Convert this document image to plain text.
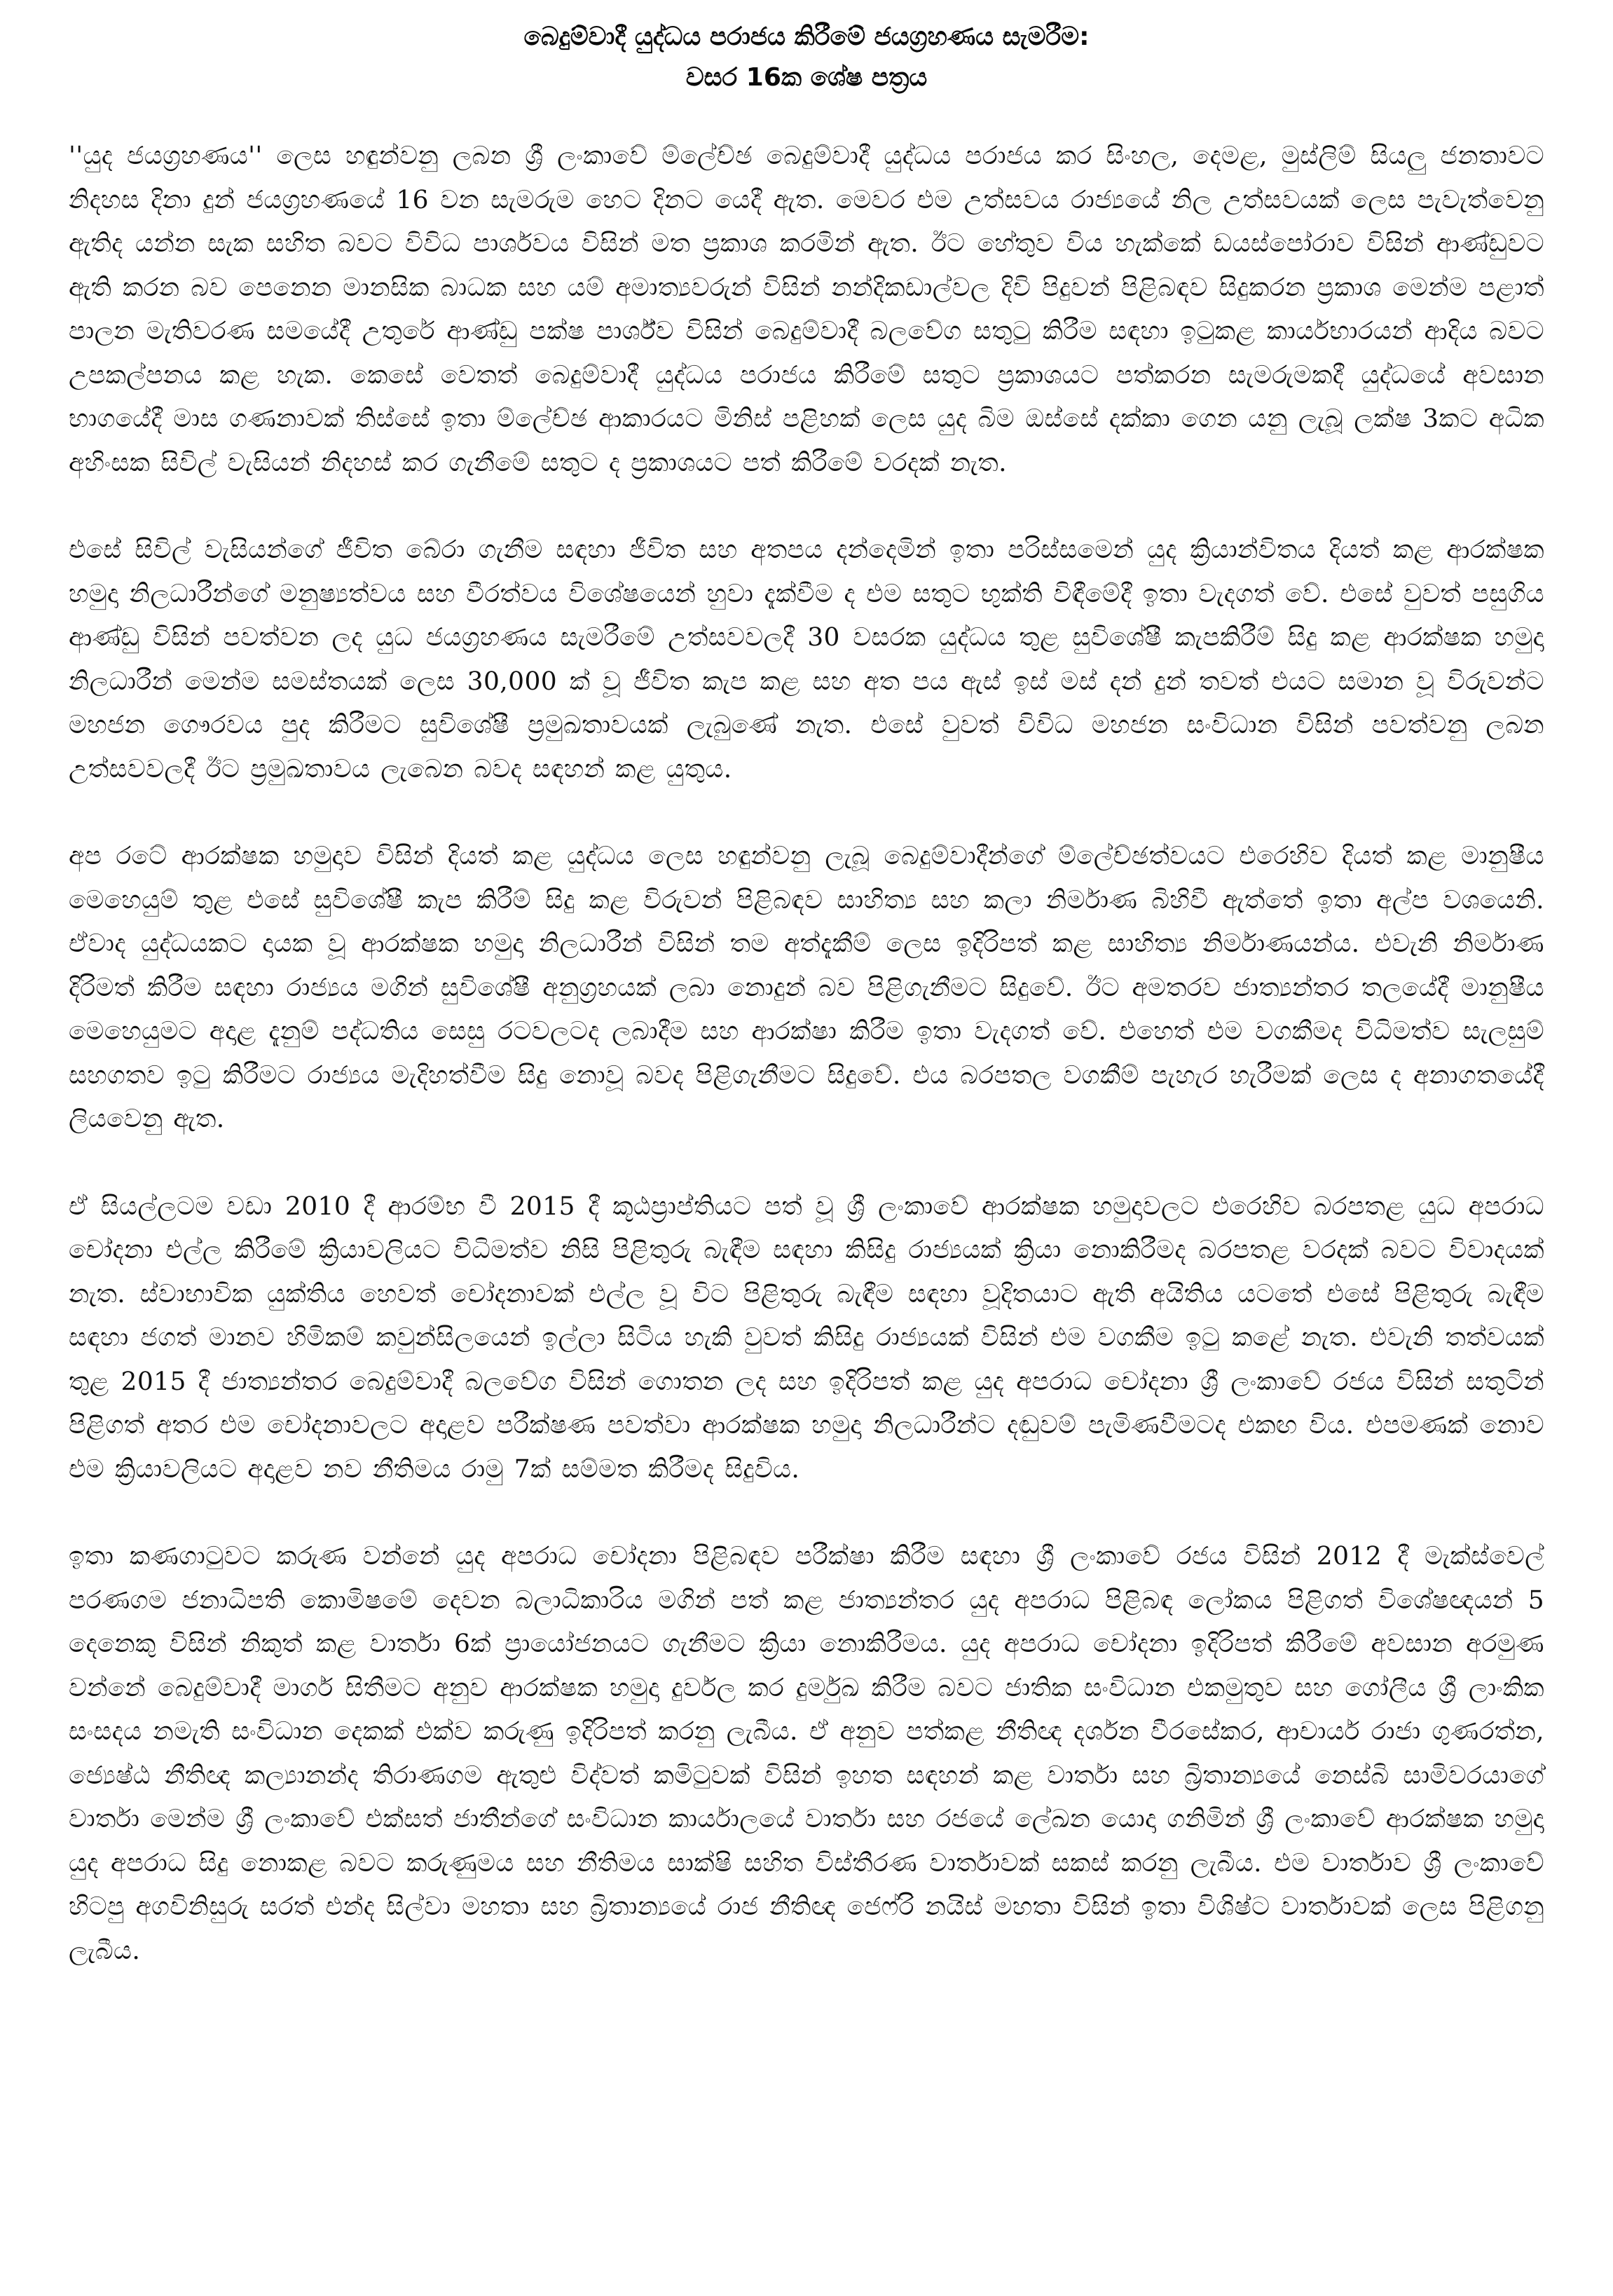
බෙදුම්වාදී යුද්ධය පරාජය කිරීමේ ජයග්‍රහණය සැමරීම:
වසර 16ක ශේෂ පත්‍රය

''යුද ජයග්‍රහණය'' ලෙස හඳුන්වනු ලබන ශ්‍රී ලංකාවේ ම්ලේච්ඡ බෙදුම්වාදී යුද්ධය පරාජය කර සිංහල, දෙමළ, මුස්ලිම් සියලු ජනතාවට නිදහස දිනා දුන් ජයග්‍රහණයේ 16 වන සැමරුම හෙට දිනට යෙදී ඇත. මෙවර එම උත්සවය රාජ්‍යයේ නිල උත්සවයක් ලෙස පැවැත්වෙනු ඇතිද යන්න සැක සහිත බවට විවිධ පාර්ශවය විසින් මත ප්‍රකාශ කරමින් ඇත. ඊට හේතුව විය හැක්කේ ඩයස්පෝරාව විසින් ආණ්ඩුවට ඇති කරන බව පෙනෙන මානසික බාධක සහ යම් අමාත්‍යවරුන් විසින් නන්දිකඩාල්වල දිවි පිදුවන් පිළිබඳව සිදුකරන ප්‍රකාශ මෙන්ම පළාත් පාලන මැතිවරණ සමයේදී උතුරේ ආණ්ඩු පක්ෂ පාර්ශ්ව විසින් බෙදුම්වාදී බලවේග සතුටු කිරීම සඳහා ඉටුකළ කාර්යභාරයන් ආදිය බවට උපකල්පනය කළ හැක. කෙසේ වෙතත් බෙදුම්වාදී යුද්ධය පරාජය කිරීමේ සතුට ප්‍රකාශයට පත්කරන සැමරුමකදී යුද්ධයේ අවසාන භාගයේදී මාස ගණනාවක් තිස්සේ ඉතා ම්ලේච්ඡ ආකාරයට මිනිස් පළිහක් ලෙස යුද බිම ඔස්සේ දක්කා ගෙන යනු ලැබූ ලක්ෂ 3කට අධික අහිංසක සිවිල් වැසියන් නිදහස් කර ගැනීමේ සතුට ද ප්‍රකාශයට පත් කිරීමේ වරදක් නැත.

එසේ සිවිල් වැසියන්ගේ ජීවිත බේරා ගැනීම සඳහා ජීවිත සහ අතපය දන්දෙමින් ඉතා පරිස්සමෙන් යුද ක්‍රියාන්විතය දියත් කළ ආරක්ෂක හමුදා නිලධාරීන්ගේ මනුෂ්‍යත්වය සහ වීරත්වය විශේෂයෙන් හුවා දැක්වීම ද එම සතුට භුක්ති විඳීමේදී ඉතා වැදගත් වේ. එසේ වුවත් පසුගිය ආණ්ඩු විසින් පවත්වන ලද යුධ ජයග්‍රහණය සැමරීමේ උත්සවවලදී 30 වසරක යුද්ධය තුළ සුවිශේෂී කැපකිරීම් සිදු කළ ආරක්ෂක හමුදා නිලධාරීන් මෙන්ම සමස්තයක් ලෙස 30,000 ක් වූ ජීවිත කැප කළ සහ අත පය ඇස් ඉස් මස් දන් දුන් තවත් එයට සමාන වූ විරුවන්ට මහජන ගෞරවය පුද කිරීමට සුවිශේෂී ප්‍රමුඛතාවයක් ලැබුණේ නැත. එසේ වුවත් විවිධ මහජන සංවිධාන විසින් පවත්වනු ලබන උත්සවවලදී ඊට ප්‍රමුඛතාවය ලැබෙන බවද සඳහන් කළ යුතුය.

අප රටේ ආරක්ෂක හමුදාව විසින් දියත් කළ යුද්ධය ලෙස හඳුන්වනු ලැබූ බෙදුම්වාදීන්ගේ ම්ලේච්ඡත්වයට එරෙහිව දියත් කළ මානුෂීය මෙහෙයුම් තුළ එසේ සුවිශේෂී කැප කිරීම් සිදු කළ විරුවන් පිළිබඳව සාහිත්‍ය සහ කලා නිර්මාණ බිහිවී ඇත්තේ ඉතා අල්ප වශයෙනි. ඒවාද යුද්ධයකට දායක වූ ආරක්ෂක හමුදා නිලධාරීන් විසින් තම අත්දැකීම් ලෙස ඉදිරිපත් කළ සාහිත්‍ය නිර්මාණයන්ය. එවැනි නිර්මාණ දිරිමත් කිරීම සඳහා රාජ්‍යය මගින් සුවිශේෂී අනුග්‍රහයක් ලබා නොදුන් බව පිළිගැනීමට සිදුවේ. ඊට අමතරව ජාත්‍යන්තර තලයේදී මානුෂීය මෙහෙයුමට අදාළ දැනුම් පද්ධතිය සෙසු රටවලටද ලබාදීම සහ ආරක්ෂා කිරීම ඉතා වැදගත් වේ. එහෙත් එම වගකීමද විධිමත්ව සැලසුම් සහගතව ඉටු කිරීමට රාජ්‍යය මැදිහත්වීම සිදු නොවූ බවද පිළිගැනීමට සිදුවේ. එය බරපතල වගකීම් පැහැර හැරීමක් ලෙස ද අනාගතයේදී ලියවෙනු ඇත.

ඒ සියල්ලටම වඩා 2010 දී ආරම්භ වී 2015 දී කූඨප්‍රාප්තියට පත් වූ ශ්‍රී ලංකාවේ ආරක්ෂක හමුදාවලට එරෙහිව බරපතළ යුධ අපරාධ චෝදනා එල්ල කිරීමේ ක්‍රියාවලියට විධිමත්ව නිසි පිළිතුරු බැඳීම සඳහා කිසිදු රාජ්‍යයක් ක්‍රියා නොකිරීමද බරපතළ වරදක් බවට විවාදයක් නැත. ස්වාභාවික යුක්තිය හෙවත් චෝදනාවක් එල්ල වූ විට පිළිතුරු බැඳීම සඳහා වූදිතයාට ඇති අයිතිය යටතේ එසේ පිළිතුරු බැඳීම සඳහා ජගත් මානව හිමිකම් කවුන්සිලයෙන් ඉල්ලා සිටිය හැකි වුවත් කිසිදු රාජ්‍යයක් විසින් එම වගකීම ඉටු කළේ නැත. එවැනි තත්වයක් තුළ 2015 දී ජාත්‍යන්තර බෙදුම්වාදී බලවේග විසින් ගොතන ලද සහ ඉදිරිපත් කළ යුද අපරාධ චෝදනා ශ්‍රී ලංකාවේ රජය විසින් සතුටින් පිළිගත් අතර එම චෝදනාවලට අදාළව පරීක්ෂණ පවත්වා ආරක්ෂක හමුදා නිලධාරීන්ට දඬුවම් පැමිණවීමටද එකඟ විය. එපමණක් නොව එම ක්‍රියාවලියට අදාළව නව නීතිමය රාමු 7ක් සම්මත කිරීමද සිදුවිය.

ඉතා කණගාටුවට කරුණ වන්නේ යුද අපරාධ චෝදනා පිළිබඳව පරීක්ෂා කිරීම සඳහා ශ්‍රී ලංකාවේ රජය විසින් 2012 දී මැක්ස්වෙල් පරණගම ජනාධිපති කොමිෂමේ දෙවන බලාධිකාරිය මගින් පත් කළ ජාත්‍යන්තර යුද අපරාධ පිළිබඳ ලෝකය පිළිගත් විශේෂඥයන් 5 දෙනෙකු විසින් නිකුත් කළ වාර්තා 6ක් ප්‍රායෝජනයට ගැනීමට ක්‍රියා නොකිරීමය. යුද අපරාධ චෝදනා ඉදිරිපත් කිරීමේ අවසාන අරමුණ වන්නේ බෙදුම්වාදී මාර්ග සිතීමට අනුව ආරක්ෂක හමුදා දුර්වල කර දුර්මුඛ කිරීම බවට ජාතික සංවිධාන එකමුතුව සහ ගෝලීය ශ්‍රී ලාංකික සංසදය නමැති සංවිධාන දෙකක් එක්ව කරුණු ඉදිරිපත් කරනු ලැබීය. ඒ අනුව පත්කළ නීතිඥ දර්ශන වීරසේකර, ආචාර්ය රාජා ගුණරත්න, ජ්‍යෙෂ්ඨ නීතිඥ කල්‍යානන්ද තිරාණගම ඇතුළු විද්වත් කමිටුවක් විසින් ඉහත සඳහන් කළ වාර්තා සහ බ්‍රිතාන්‍යයේ නෙස්බි සාමිවරයාගේ වාර්තා මෙන්ම ශ්‍රී ලංකාවේ එක්සත් ජාතීන්ගේ සංවිධාන කාර්යාලයේ වාර්තා සහ රජයේ ලේඛන යොදා ගනිමින් ශ්‍රී ලංකාවේ ආරක්ෂක හමුදා යුද අපරාධ සිදු නොකළ බවට කරුණුමය සහ නීතිමය සාක්ෂි සහිත විස්තීරණ වාර්තාවක් සකස් කරනු ලැබීය. එම වාර්තාව ශ්‍රී ලංකාවේ හිටපු අගවිනිසුරු සරත් එන්ද සිල්වා මහතා සහ බ්‍රිතාන්‍යයේ රාජ නීතිඥ ජෙෆ්රි නයිස් මහතා විසින් ඉතා විශිෂ්ට වාර්තාවක් ලෙස පිළිගනු ලැබීය.
